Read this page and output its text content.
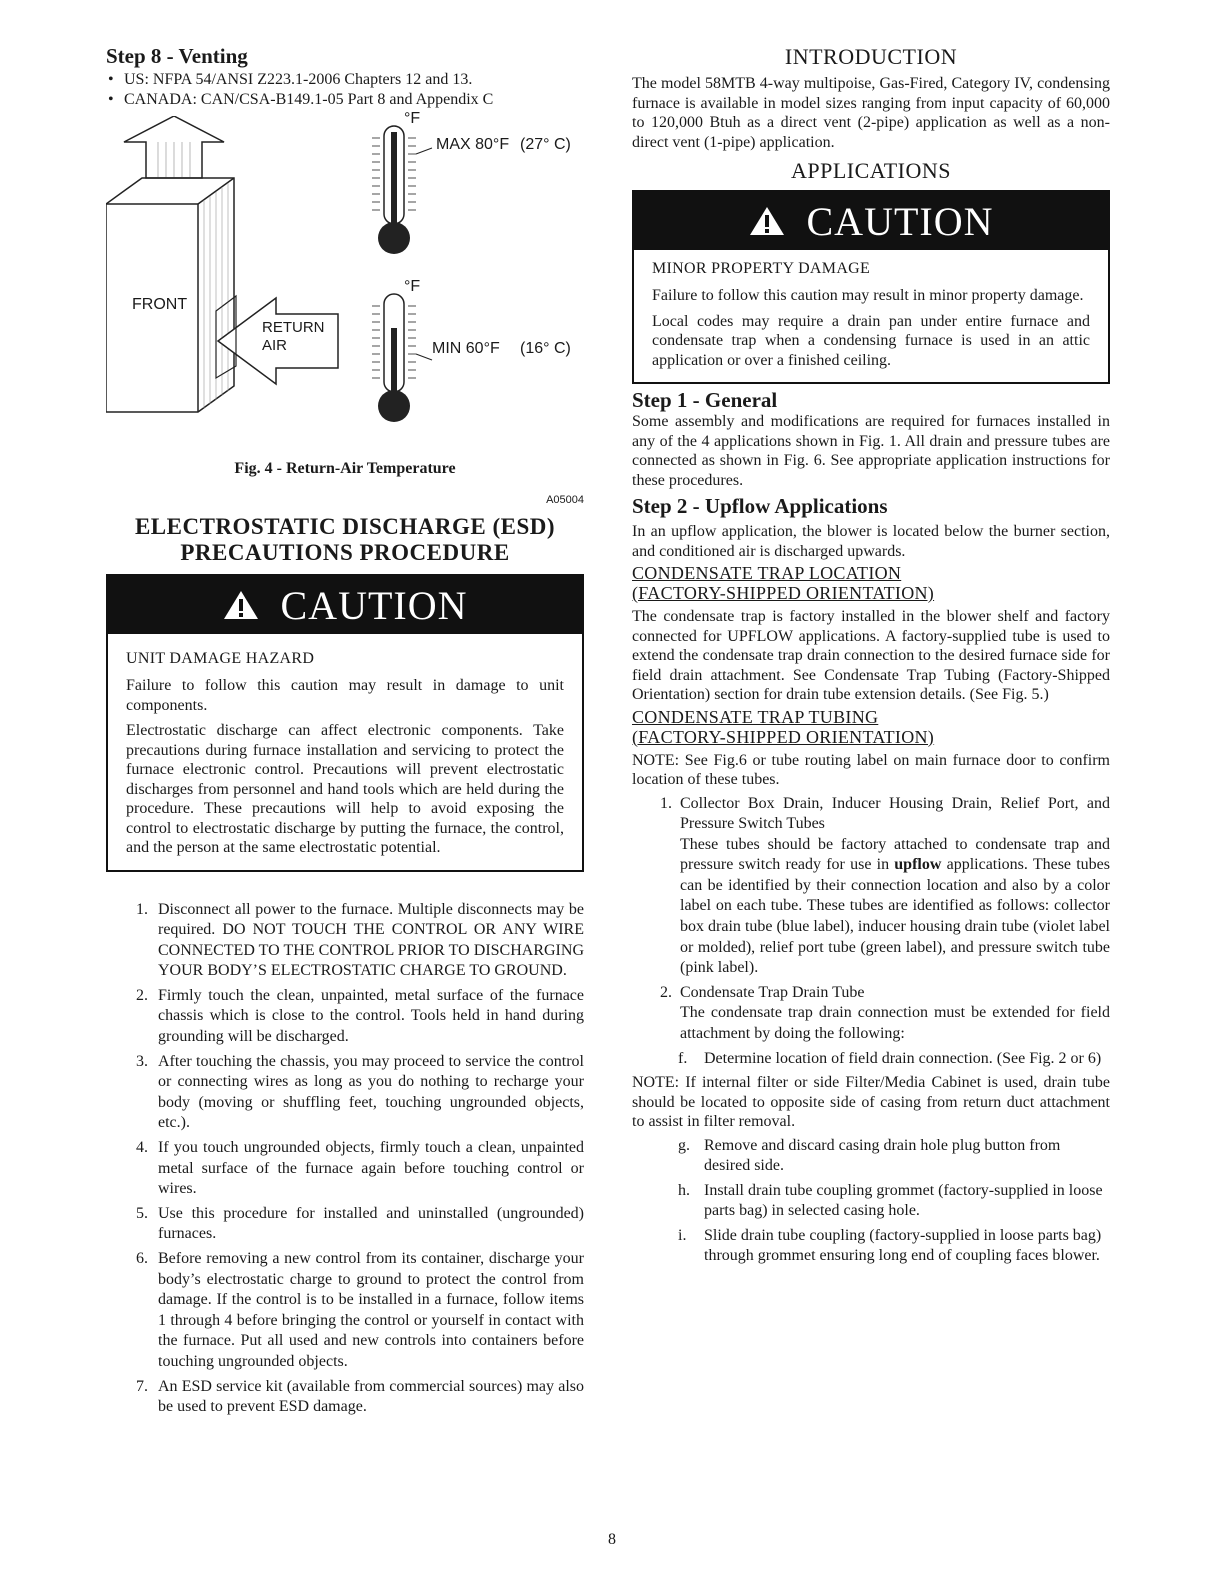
Step 8 - Venting

• US: NFPA 54/ANSI Z223.1-2006 Chapters 12 and 13.

• CANADA: CAN/CSA-B149.1-05 Part 8 and Appendix C

FRONT
RETURN
AIR
°F
MAX 80°F (27° C)
°F
MIN 60°F (16° C)

Fig. 4 - Return-Air Temperature

A05004

ELECTROSTATIC DISCHARGE (ESD)

PRECAUTIONS PROCEDURE

CAUTION

UNIT DAMAGE HAZARD

Failure to follow this caution may result in damage to unit components.

Electrostatic discharge can affect electronic components. Take precautions during furnace installation and servicing to protect the furnace electronic control. Precautions will prevent electrostatic discharges from personnel and hand tools which are held during the procedure. These precautions will help to avoid exposing the control to electrostatic discharge by putting the furnace, the control, and the person at the same electrostatic potential.

1. Disconnect all power to the furnace. Multiple disconnects may be required. DO NOT TOUCH THE CONTROL OR ANY WIRE CONNECTED TO THE CONTROL PRIOR TO DISCHARGING YOUR BODY’S ELECTROSTATIC CHARGE TO GROUND.
2. Firmly touch the clean, unpainted, metal surface of the furnace chassis which is close to the control. Tools held in hand during grounding will be discharged.
3. After touching the chassis, you may proceed to service the control or connecting wires as long as you do nothing to recharge your body (moving or shuffling feet, touching ungrounded objects, etc.).
4. If you touch ungrounded objects, firmly touch a clean, unpainted metal surface of the furnace again before touching control or wires.
5. Use this procedure for installed and uninstalled (ungrounded) furnaces.
6. Before removing a new control from its container, discharge your body’s electrostatic charge to ground to protect the control from damage. If the control is to be installed in a furnace, follow items 1 through 4 before bringing the control or yourself in contact with the furnace. Put all used and new controls into containers before touching ungrounded objects.
7. An ESD service kit (available from commercial sources) may also be used to prevent ESD damage.

INTRODUCTION

The model 58MTB 4-way multipoise, Gas-Fired, Category IV, condensing furnace is available in model sizes ranging from input capacity of 60,000 to 120,000 Btuh as a direct vent (2-pipe) application as well as a non-direct vent (1-pipe) application.

APPLICATIONS

CAUTION

MINOR PROPERTY DAMAGE

Failure to follow this caution may result in minor property damage.

Local codes may require a drain pan under entire furnace and condensate trap when a condensing furnace is used in an attic application or over a finished ceiling.

Step 1 - General

Some assembly and modifications are required for furnaces installed in any of the 4 applications shown in Fig. 1. All drain and pressure tubes are connected as shown in Fig. 6. See appropriate application instructions for these procedures.

Step 2 - Upflow Applications

In an upflow application, the blower is located below the burner section, and conditioned air is discharged upwards.

CONDENSATE TRAP LOCATION

(FACTORY-SHIPPED ORIENTATION)

The condensate trap is factory installed in the blower shelf and factory connected for UPFLOW applications. A factory-supplied tube is used to extend the condensate trap drain connection to the desired furnace side for field drain attachment. See Condensate Trap Tubing (Factory-Shipped Orientation) section for drain tube extension details. (See Fig. 5.)

CONDENSATE TRAP TUBING

(FACTORY-SHIPPED ORIENTATION)

NOTE: See Fig.6 or tube routing label on main furnace door to confirm location of these tubes.

1. Collector Box Drain, Inducer Housing Drain, Relief Port, and Pressure Switch Tubes
These tubes should be factory attached to condensate trap and pressure switch ready for use in upflow applications. These tubes can be identified by their connection location and also by a color label on each tube. These tubes are identified as follows: collector box drain tube (blue label), inducer housing drain tube (violet label or molded), relief port tube (green label), and pressure switch tube (pink label).
2. Condensate Trap Drain Tube
The condensate trap drain connection must be extended for field attachment by doing the following:
f. Determine location of field drain connection. (See Fig. 2 or 6)

NOTE: If internal filter or side Filter/Media Cabinet is used, drain tube should be located to opposite side of casing from return duct attachment to assist in filter removal.

g. Remove and discard casing drain hole plug button from desired side.
h. Install drain tube coupling grommet (factory-supplied in loose parts bag) in selected casing hole.
i. Slide drain tube coupling (factory-supplied in loose parts bag) through grommet ensuring long end of coupling faces blower.
8
